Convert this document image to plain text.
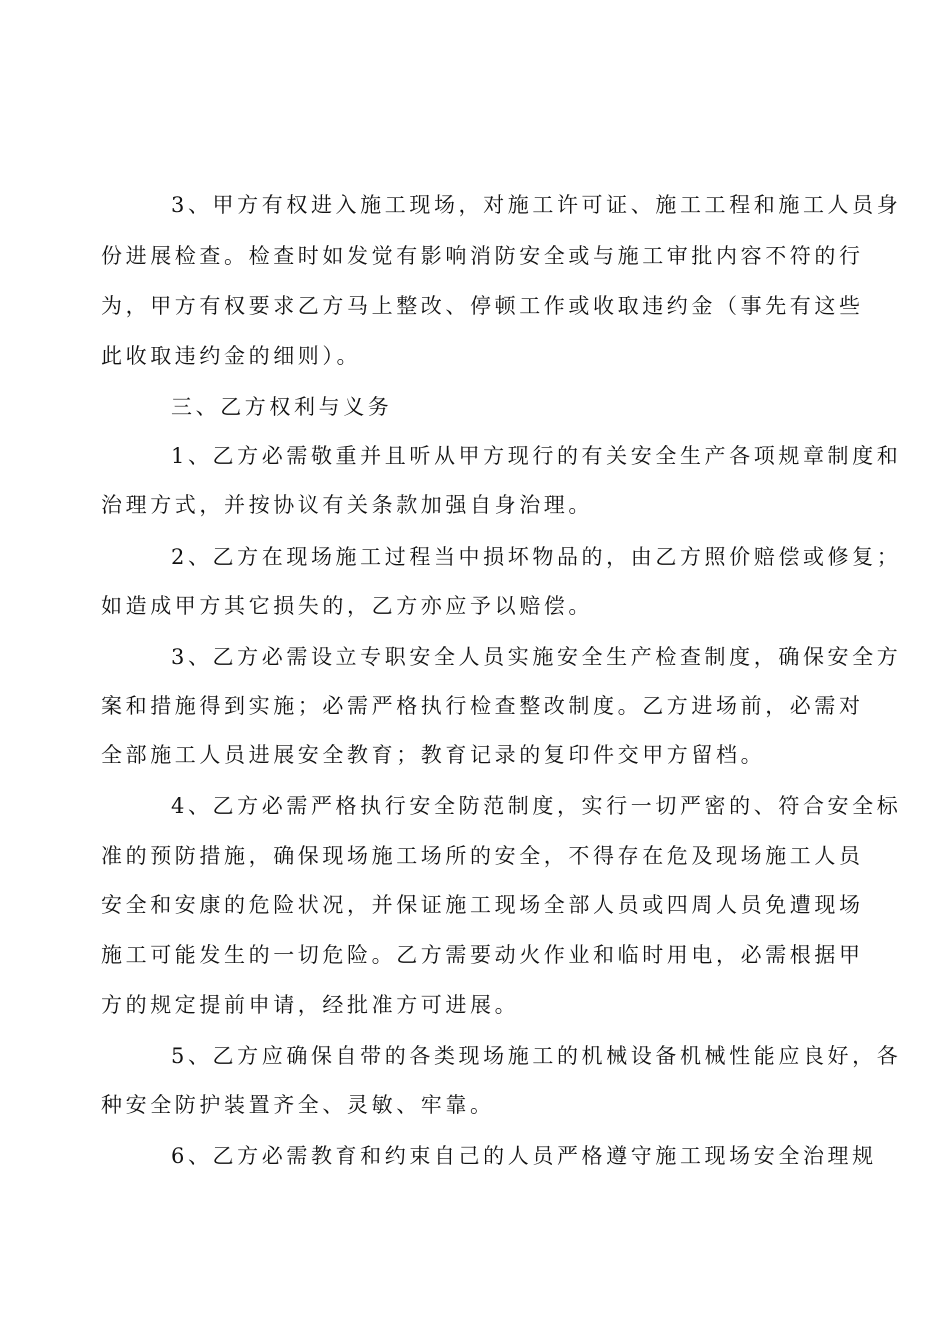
3、甲方有权进入施工现场，对施工许可证、施工工程和施工人员身
份进展检查。检查时如发觉有影响消防安全或与施工审批内容不符的行
为，甲方有权要求乙方马上整改、停顿工作或收取违约金（事先有这些
此收取违约金的细则）。
三、乙方权利与义务
1、乙方必需敬重并且听从甲方现行的有关安全生产各项规章制度和
治理方式，并按协议有关条款加强自身治理。
2、乙方在现场施工过程当中损坏物品的，由乙方照价赔偿或修复；
如造成甲方其它损失的，乙方亦应予以赔偿。
3、乙方必需设立专职安全人员实施安全生产检查制度，确保安全方
案和措施得到实施；必需严格执行检查整改制度。乙方进场前，必需对
全部施工人员进展安全教育；教育记录的复印件交甲方留档。
4、乙方必需严格执行安全防范制度，实行一切严密的、符合安全标
准的预防措施，确保现场施工场所的安全，不得存在危及现场施工人员
安全和安康的危险状况，并保证施工现场全部人员或四周人员免遭现场
施工可能发生的一切危险。乙方需要动火作业和临时用电，必需根据甲
方的规定提前申请，经批准方可进展。
5、乙方应确保自带的各类现场施工的机械设备机械性能应良好，各
种安全防护装置齐全、灵敏、牢靠。
6、乙方必需教育和约束自己的人员严格遵守施工现场安全治理规
